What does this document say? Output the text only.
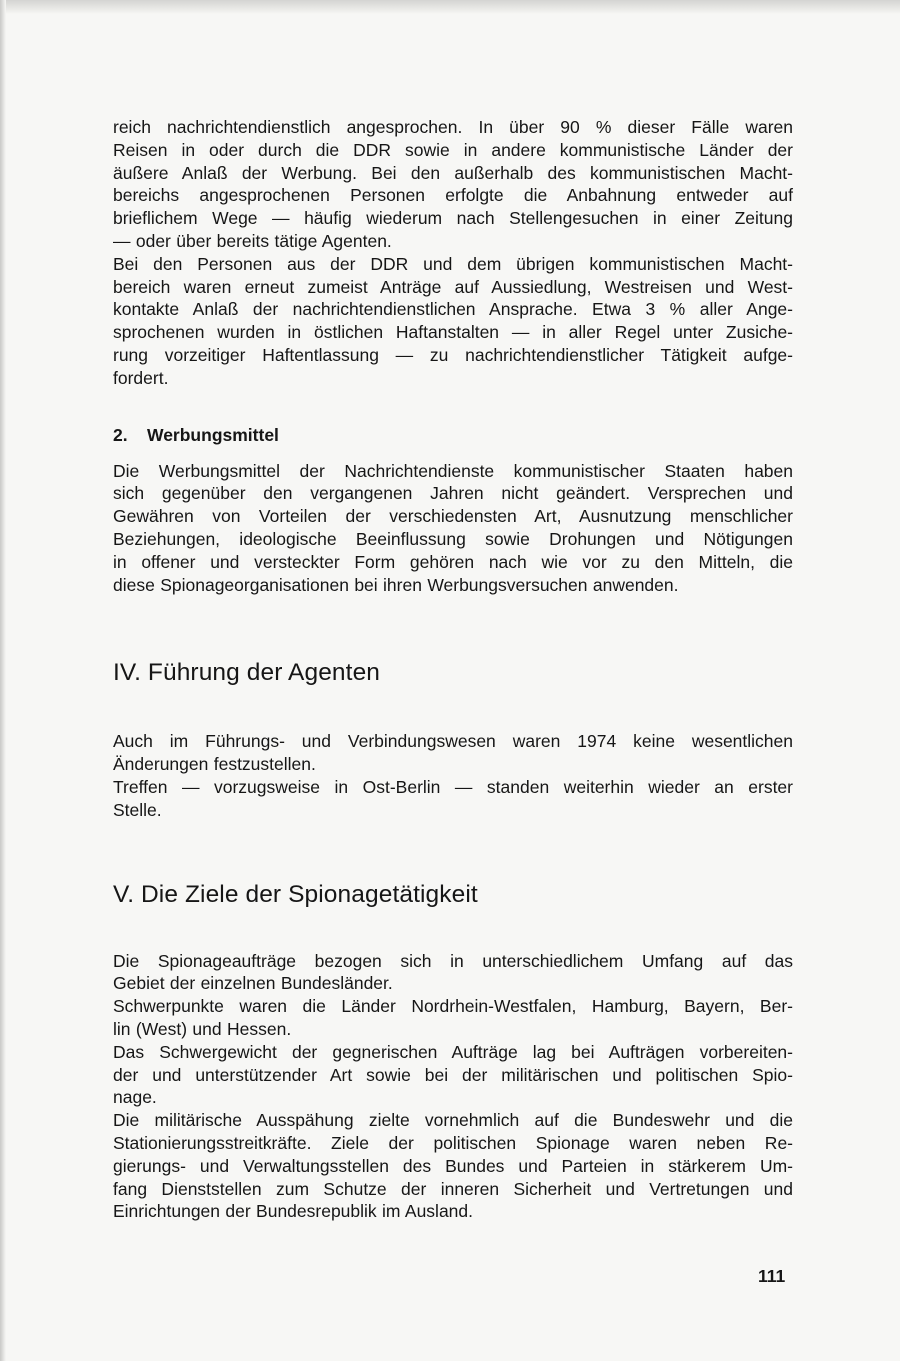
reich nachrichtendienstlich angesprochen. In über 90 % dieser Fälle waren
Reisen in oder durch die DDR sowie in andere kommunistische Länder der
äußere Anlaß der Werbung. Bei den außerhalb des kommunistischen Macht-
bereichs angesprochenen Personen erfolgte die Anbahnung entweder auf
brieflichem Wege — häufig wiederum nach Stellengesuchen in einer Zeitung
— oder über bereits tätige Agenten.
Bei den Personen aus der DDR und dem übrigen kommunistischen Macht-
bereich waren erneut zumeist Anträge auf Aussiedlung, Westreisen und West-
kontakte Anlaß der nachrichtendienstlichen Ansprache. Etwa 3 % aller Ange-
sprochenen wurden in östlichen Haftanstalten — in aller Regel unter Zusiche-
rung vorzeitiger Haftentlassung — zu nachrichtendienstlicher Tätigkeit aufge-
fordert.
2. Werbungsmittel
Die Werbungsmittel der Nachrichtendienste kommunistischer Staaten haben
sich gegenüber den vergangenen Jahren nicht geändert. Versprechen und
Gewähren von Vorteilen der verschiedensten Art, Ausnutzung menschlicher
Beziehungen, ideologische Beeinflussung sowie Drohungen und Nötigungen
in offener und versteckter Form gehören nach wie vor zu den Mitteln, die
diese Spionageorganisationen bei ihren Werbungsversuchen anwenden.
IV. Führung der Agenten
Auch im Führungs- und Verbindungswesen waren 1974 keine wesentlichen
Änderungen festzustellen.
Treffen — vorzugsweise in Ost-Berlin — standen weiterhin wieder an erster
Stelle.
V. Die Ziele der Spionagetätigkeit
Die Spionageaufträge bezogen sich in unterschiedlichem Umfang auf das
Gebiet der einzelnen Bundesländer.
Schwerpunkte waren die Länder Nordrhein-Westfalen, Hamburg, Bayern, Ber-
lin (West) und Hessen.
Das Schwergewicht der gegnerischen Aufträge lag bei Aufträgen vorbereiten-
der und unterstützender Art sowie bei der militärischen und politischen Spio-
nage.
Die militärische Ausspähung zielte vornehmlich auf die Bundeswehr und die
Stationierungsstreitkräfte. Ziele der politischen Spionage waren neben Re-
gierungs- und Verwaltungsstellen des Bundes und Parteien in stärkerem Um-
fang Dienststellen zum Schutze der inneren Sicherheit und Vertretungen und
Einrichtungen der Bundesrepublik im Ausland.
111
